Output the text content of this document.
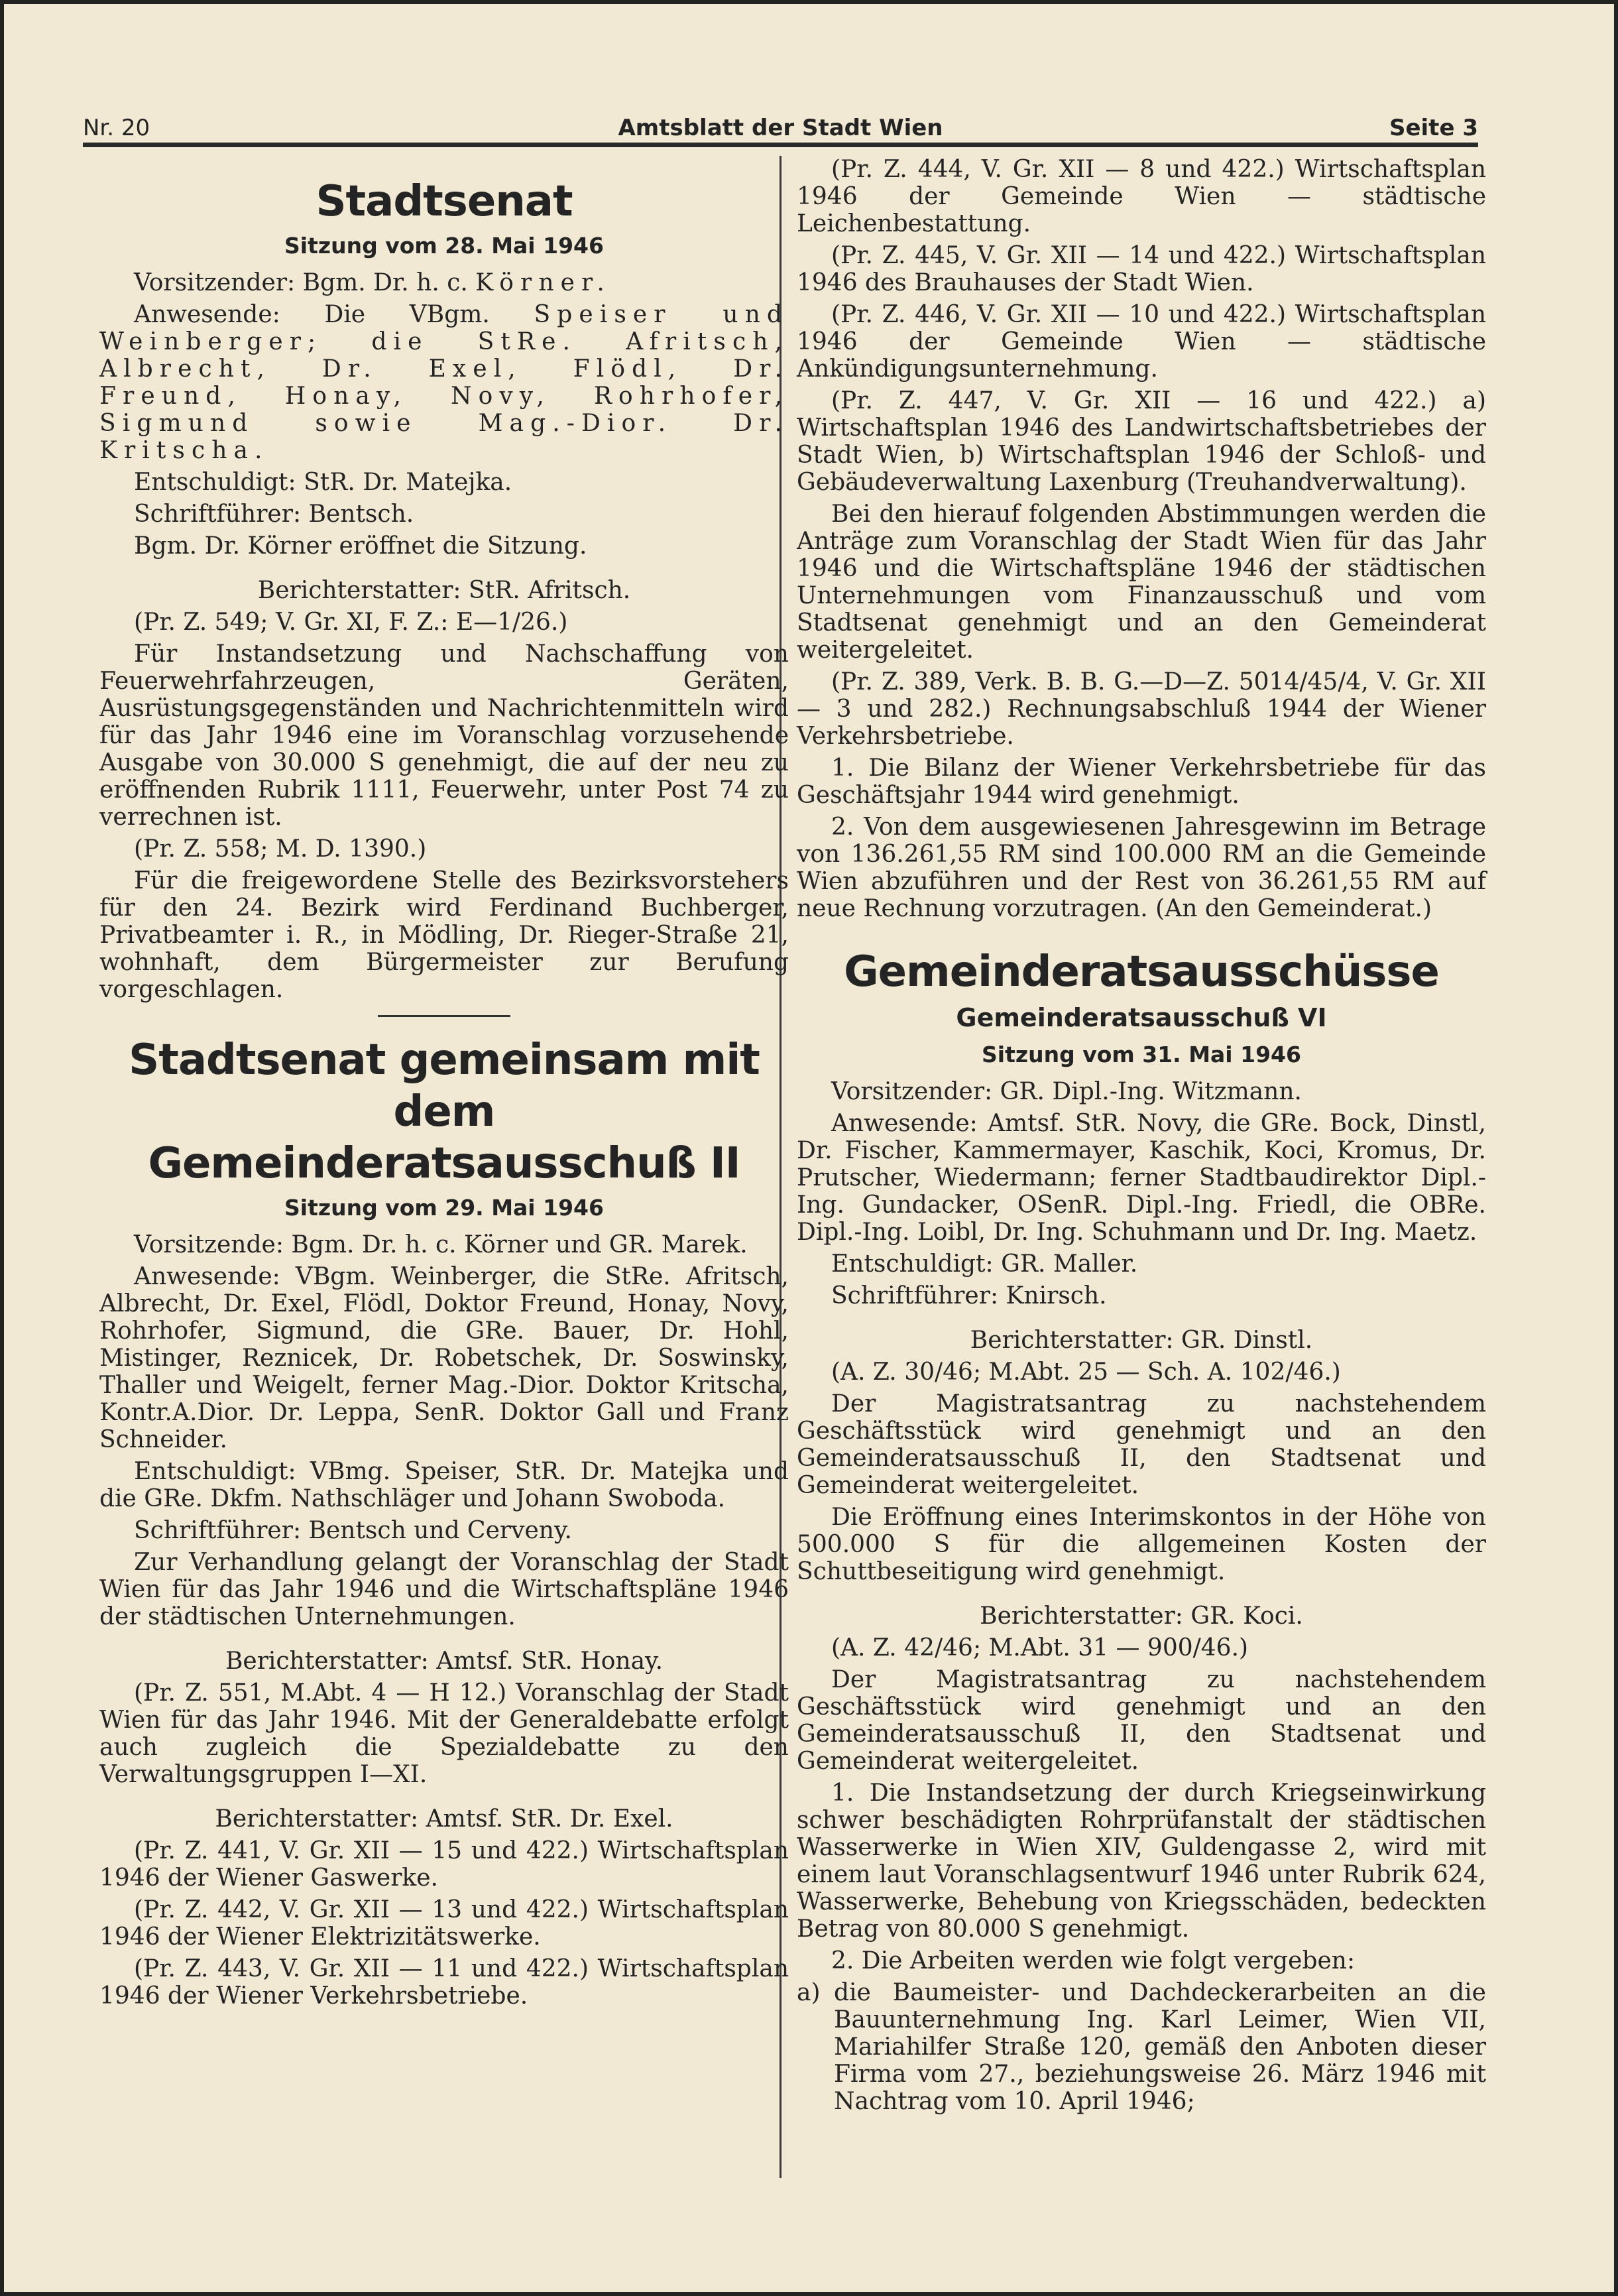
Nr. 20	Amtsblatt der Stadt Wien	Seite 3
Stadtsenat
Sitzung vom 28. Mai 1946

Vorsitzender: Bgm. Dr. h. c. Körner.

Anwesende: Die VBgm. Speiser und Weinberger; die StRe. Afritsch, Albrecht, Dr. Exel, Flödl, Dr. Freund, Honay, Novy, Rohrhofer, Sigmund sowie Mag.-Dior. Dr. Kritscha.

Entschuldigt: StR. Dr. Matejka.

Schriftführer: Bentsch.

Bgm. Dr. Körner eröffnet die Sitzung.

Berichterstatter: StR. Afritsch.

(Pr. Z. 549; V. Gr. XI, F. Z.: E—1/26.)

Für Instandsetzung und Nachschaffung von Feuerwehrfahrzeugen, Geräten, Ausrüstungsgegenständen und Nachrichtenmitteln wird für das Jahr 1946 eine im Voranschlag vorzusehende Ausgabe von 30.000 S genehmigt, die auf der neu zu eröffnenden Rubrik 1111, Feuerwehr, unter Post 74 zu verrechnen ist.

(Pr. Z. 558; M. D. 1390.)

Für die freigewordene Stelle des Bezirksvorstehers für den 24. Bezirk wird Ferdinand Buchberger, Privatbeamter i. R., in Mödling, Dr. Rieger-Straße 21, wohnhaft, dem Bürgermeister zur Berufung vorgeschlagen.

Stadtsenat gemeinsam mit dem
Gemeinderatsausschuß II
Sitzung vom 29. Mai 1946

Vorsitzende: Bgm. Dr. h. c. Körner und GR. Marek.

Anwesende: VBgm. Weinberger, die StRe. Afritsch, Albrecht, Dr. Exel, Flödl, Doktor Freund, Honay, Novy, Rohrhofer, Sigmund, die GRe. Bauer, Dr. Hohl, Mistinger, Reznicek, Dr. Robetschek, Dr. Soswinsky, Thaller und Weigelt, ferner Mag.-Dior. Doktor Kritscha, Kontr.A.Dior. Dr. Leppa, SenR. Doktor Gall und Franz Schneider.

Entschuldigt: VBmg. Speiser, StR. Dr. Matejka und die GRe. Dkfm. Nathschläger und Johann Swoboda.

Schriftführer: Bentsch und Cerveny.

Zur Verhandlung gelangt der Voranschlag der Stadt Wien für das Jahr 1946 und die Wirtschaftspläne 1946 der städtischen Unternehmungen.

Berichterstatter: Amtsf. StR. Honay.

(Pr. Z. 551, M.Abt. 4 — H 12.) Voranschlag der Stadt Wien für das Jahr 1946. Mit der Generaldebatte erfolgt auch zugleich die Spezialdebatte zu den Verwaltungsgruppen I—XI.

Berichterstatter: Amtsf. StR. Dr. Exel.

(Pr. Z. 441, V. Gr. XII — 15 und 422.) Wirtschaftsplan 1946 der Wiener Gaswerke.

(Pr. Z. 442, V. Gr. XII — 13 und 422.) Wirtschaftsplan 1946 der Wiener Elektrizitätswerke.

(Pr. Z. 443, V. Gr. XII — 11 und 422.) Wirtschaftsplan 1946 der Wiener Verkehrsbetriebe.

(Pr. Z. 444, V. Gr. XII — 8 und 422.) Wirtschaftsplan 1946 der Gemeinde Wien — städtische Leichenbestattung.

(Pr. Z. 445, V. Gr. XII — 14 und 422.) Wirtschaftsplan 1946 des Brauhauses der Stadt Wien.

(Pr. Z. 446, V. Gr. XII — 10 und 422.) Wirtschaftsplan 1946 der Gemeinde Wien — städtische Ankündigungsunternehmung.

(Pr. Z. 447, V. Gr. XII — 16 und 422.) a) Wirtschaftsplan 1946 des Landwirtschaftsbetriebes der Stadt Wien, b) Wirtschaftsplan 1946 der Schloß- und Gebäudeverwaltung Laxenburg (Treuhandverwaltung).

Bei den hierauf folgenden Abstimmungen werden die Anträge zum Voranschlag der Stadt Wien für das Jahr 1946 und die Wirtschaftspläne 1946 der städtischen Unternehmungen vom Finanzausschuß und vom Stadtsenat genehmigt und an den Gemeinderat weitergeleitet.

(Pr. Z. 389, Verk. B. B. G.—D—Z. 5014/45/4, V. Gr. XII — 3 und 282.) Rechnungsabschluß 1944 der Wiener Verkehrsbetriebe.

1. Die Bilanz der Wiener Verkehrsbetriebe für das Geschäftsjahr 1944 wird genehmigt.

2. Von dem ausgewiesenen Jahresgewinn im Betrage von 136.261,55 RM sind 100.000 RM an die Gemeinde Wien abzuführen und der Rest von 36.261,55 RM auf neue Rechnung vorzutragen. (An den Gemeinderat.)

Gemeinderatsausschüsse
Gemeinderatsausschuß VI
Sitzung vom 31. Mai 1946

Vorsitzender: GR. Dipl.-Ing. Witzmann.

Anwesende: Amtsf. StR. Novy, die GRe. Bock, Dinstl, Dr. Fischer, Kammermayer, Kaschik, Koci, Kromus, Dr. Prutscher, Wiedermann; ferner Stadtbaudirektor Dipl.-Ing. Gundacker, OSenR. Dipl.-Ing. Friedl, die OBRe. Dipl.-Ing. Loibl, Dr. Ing. Schuhmann und Dr. Ing. Maetz.

Entschuldigt: GR. Maller.

Schriftführer: Knirsch.

Berichterstatter: GR. Dinstl.

(A. Z. 30/46; M.Abt. 25 — Sch. A. 102/46.)

Der Magistratsantrag zu nachstehendem Geschäftsstück wird genehmigt und an den Gemeinderatsausschuß II, den Stadtsenat und Gemeinderat weitergeleitet.

Die Eröffnung eines Interimskontos in der Höhe von 500.000 S für die allgemeinen Kosten der Schuttbeseitigung wird genehmigt.

Berichterstatter: GR. Koci.

(A. Z. 42/46; M.Abt. 31 — 900/46.)

Der Magistratsantrag zu nachstehendem Geschäftsstück wird genehmigt und an den Gemeinderatsausschuß II, den Stadtsenat und Gemeinderat weitergeleitet.

1. Die Instandsetzung der durch Kriegseinwirkung schwer beschädigten Rohrprüfanstalt der städtischen Wasserwerke in Wien XIV, Guldengasse 2, wird mit einem laut Voranschlagsentwurf 1946 unter Rubrik 624, Wasserwerke, Behebung von Kriegsschäden, bedeckten Betrag von 80.000 S genehmigt.

2. Die Arbeiten werden wie folgt vergeben:

a) die Baumeister- und Dachdeckerarbeiten an die Bauunternehmung Ing. Karl Leimer, Wien VII, Mariahilfer Straße 120, gemäß den Anboten dieser Firma vom 27., beziehungsweise 26. März 1946 mit Nachtrag vom 10. April 1946;
